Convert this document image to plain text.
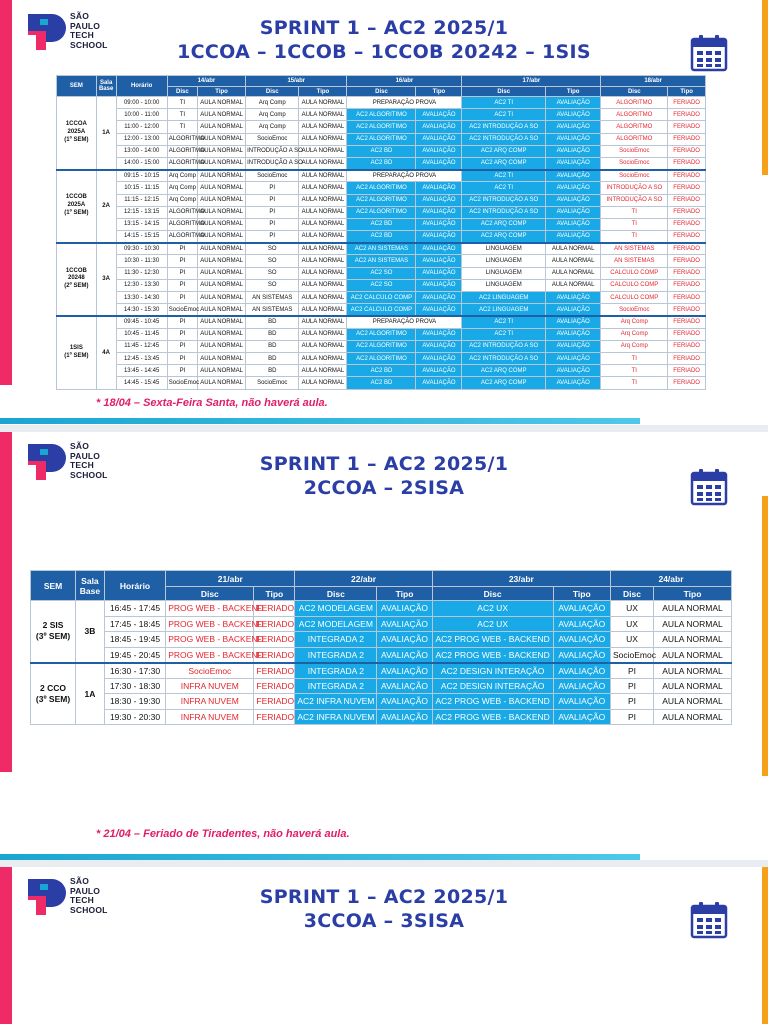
SÃO
PAULO
TECH
SCHOOL
SPRINT 1 – AC2 2025/1
1CCOA – 1CCOB – 1CCOB 20242 – 1SIS
SEM	Sala Base	Horário	14/abr		15/abr		16/abr		17/abr		18/abr	
			Disc	Tipo	Disc	Tipo	Disc	Tipo	Disc	Tipo	Disc	Tipo

1CCOA
2025A
(1º SEM)	1A	09:00 - 10:00	TI	AULA NORMAL	Arq Comp	AULA NORMAL	PREPARAÇÃO PROVA		AC2 TI	AVALIAÇÃO	ALGORITMO	FERIADO
		10:00 - 11:00	TI	AULA NORMAL	Arq Comp	AULA NORMAL	AC2 ALGORITIMO	AVALIAÇÃO	AC2 TI	AVALIAÇÃO	ALGORITMO	FERIADO
		11:00 - 12:00	TI	AULA NORMAL	Arq Comp	AULA NORMAL	AC2 ALGORITIMO	AVALIAÇÃO	AC2 INTRODUÇÃO A SO	AVALIAÇÃO	ALGORITMO	FERIADO
		12:00 - 13:00	ALGORITMO	AULA NORMAL	SocioEmoc	AULA NORMAL	AC2 ALGORITIMO	AVALIAÇÃO	AC2 INTRODUÇÃO A SO	AVALIAÇÃO	ALGORITMO	FERIADO
		13:00 - 14:00	ALGORITMO	AULA NORMAL	INTRODUÇÃO A SO	AULA NORMAL	AC2 BD	AVALIAÇÃO	AC2 ARQ COMP	AVALIAÇÃO	SocioEmoc	FERIADO
		14:00 - 15:00	ALGORITMO	AULA NORMAL	INTRODUÇÃO A SO	AULA NORMAL	AC2 BD	AVALIAÇÃO	AC2 ARQ COMP	AVALIAÇÃO	SocioEmoc	FERIADO

1CCOB
2025A
(1º SEM)	2A	09:15 - 10:15	Arq Comp	AULA NORMAL	SocioEmoc	AULA NORMAL	PREPARAÇÃO PROVA		AC2 TI	AVALIAÇÃO	SocioEmoc	FERIADO
		10:15 - 11:15	Arq Comp	AULA NORMAL	PI	AULA NORMAL	AC2 ALGORITIMO	AVALIAÇÃO	AC2 TI	AVALIAÇÃO	INTRODUÇÃO A SO	FERIADO
		11:15 - 12:15	Arq Comp	AULA NORMAL	PI	AULA NORMAL	AC2 ALGORITIMO	AVALIAÇÃO	AC2 INTRODUÇÃO A SO	AVALIAÇÃO	INTRODUÇÃO A SO	FERIADO
		12:15 - 13:15	ALGORITMO	AULA NORMAL	PI	AULA NORMAL	AC2 ALGORITIMO	AVALIAÇÃO	AC2 INTRODUÇÃO A SO	AVALIAÇÃO	TI	FERIADO
		13:15 - 14:15	ALGORITMO	AULA NORMAL	PI	AULA NORMAL	AC2 BD	AVALIAÇÃO	AC2 ARQ COMP	AVALIAÇÃO	TI	FERIADO
		14:15 - 15:15	ALGORITMO	AULA NORMAL	PI	AULA NORMAL	AC2 BD	AVALIAÇÃO	AC2 ARQ COMP	AVALIAÇÃO	TI	FERIADO

1CCOB
20248
(2º SEM)	3A	09:30 - 10:30	PI	AULA NORMAL	SO	AULA NORMAL	AC2 AN SISTEMAS	AVALIAÇÃO	LINGUAGEM	AULA NORMAL	AN SISTEMAS	FERIADO
		10:30 - 11:30	PI	AULA NORMAL	SO	AULA NORMAL	AC2 AN SISTEMAS	AVALIAÇÃO	LINGUAGEM	AULA NORMAL	AN SISTEMAS	FERIADO
		11:30 - 12:30	PI	AULA NORMAL	SO	AULA NORMAL	AC2 SO	AVALIAÇÃO	LINGUAGEM	AULA NORMAL	CALCULO COMP	FERIADO
		12:30 - 13:30	PI	AULA NORMAL	SO	AULA NORMAL	AC2 SO	AVALIAÇÃO	LINGUAGEM	AULA NORMAL	CALCULO COMP	FERIADO
		13:30 - 14:30	PI	AULA NORMAL	AN SISTEMAS	AULA NORMAL	AC2 CALCULO COMP	AVALIAÇÃO	AC2 LINGUAGEM	AVALIAÇÃO	CALCULO COMP	FERIADO
		14:30 - 15:30	SocioEmoc	AULA NORMAL	AN SISTEMAS	AULA NORMAL	AC2 CALCULO COMP	AVALIAÇÃO	AC2 LINGUAGEM	AVALIAÇÃO	SocioEmoc	FERIADO

1SIS
(1º SEM)	4A	09:45 - 10:45	PI	AULA NORMAL	BD	AULA NORMAL	PREPARAÇÃO PROVA		AC2 TI	AVALIAÇÃO	Arq Comp	FERIADO
		10:45 - 11:45	PI	AULA NORMAL	BD	AULA NORMAL	AC2 ALGORITIMO	AVALIAÇÃO	AC2 TI	AVALIAÇÃO	Arq Comp	FERIADO
		11:45 - 12:45	PI	AULA NORMAL	BD	AULA NORMAL	AC2 ALGORITIMO	AVALIAÇÃO	AC2 INTRODUÇÃO A SO	AVALIAÇÃO	Arq Comp	FERIADO
		12:45 - 13:45	PI	AULA NORMAL	BD	AULA NORMAL	AC2 ALGORITIMO	AVALIAÇÃO	AC2 INTRODUÇÃO A SO	AVALIAÇÃO	TI	FERIADO
		13:45 - 14:45	PI	AULA NORMAL	BD	AULA NORMAL	AC2 BD	AVALIAÇÃO	AC2 ARQ COMP	AVALIAÇÃO	TI	FERIADO
		14:45 - 15:45	SocioEmoc	AULA NORMAL	SocioEmoc	AULA NORMAL	AC2 BD	AVALIAÇÃO	AC2 ARQ COMP	AVALIAÇÃO	TI	FERIADO
* 18/04 – Sexta-Feira Santa, não haverá aula.
SÃO
PAULO
TECH
SCHOOL	SPRINT 1 – AC2 2025/1
2CCOA – 2SISA
* 21/04 – Feriado de Tiradentes, não haverá aula.
SEM	Sala Base	Horário	21/abr		22/abr		23/abr		24/abr	
			Disc	Tipo	Disc	Tipo	Disc	Tipo	Disc	Tipo

2 SIS
(3º SEM)	3B	16:45 - 17:45	PROG WEB - BACKEND	FERIADO	AC2 MODELAGEM	AVALIAÇÃO	AC2 UX	AVALIAÇÃO	UX	AULA NORMAL
		17:45 - 18:45	PROG WEB - BACKEND	FERIADO	AC2 MODELAGEM	AVALIAÇÃO	AC2 UX	AVALIAÇÃO	UX	AULA NORMAL
		18:45 - 19:45	PROG WEB - BACKEND	FERIADO	INTEGRADA 2	AVALIAÇÃO	AC2 PROG WEB - BACKEND	AVALIAÇÃO	UX	AULA NORMAL
		19:45 - 20:45	PROG WEB - BACKEND	FERIADO	INTEGRADA 2	AVALIAÇÃO	AC2 PROG WEB - BACKEND	AVALIAÇÃO	SocioEmoc	AULA NORMAL

2 CCO
(3º SEM)	1A	16:30 - 17:30	SocioEmoc	FERIADO	INTEGRADA 2	AVALIAÇÃO	AC2 DESIGN INTERAÇÃO	AVALIAÇÃO	PI	AULA NORMAL
		17:30 - 18:30	INFRA NUVEM	FERIADO	INTEGRADA 2	AVALIAÇÃO	AC2 DESIGN INTERAÇÃO	AVALIAÇÃO	PI	AULA NORMAL
		18:30 - 19:30	INFRA NUVEM	FERIADO	AC2 INFRA NUVEM	AVALIAÇÃO	AC2 PROG WEB - BACKEND	AVALIAÇÃO	PI	AULA NORMAL
		19:30 - 20:30	INFRA NUVEM	FERIADO	AC2 INFRA NUVEM	AVALIAÇÃO	AC2 PROG WEB - BACKEND	AVALIAÇÃO	PI	AULA NORMAL
SÃO
PAULO
TECH
SCHOOL
SPRINT 1 – AC2 2025/1
3CCOA – 3SISA
